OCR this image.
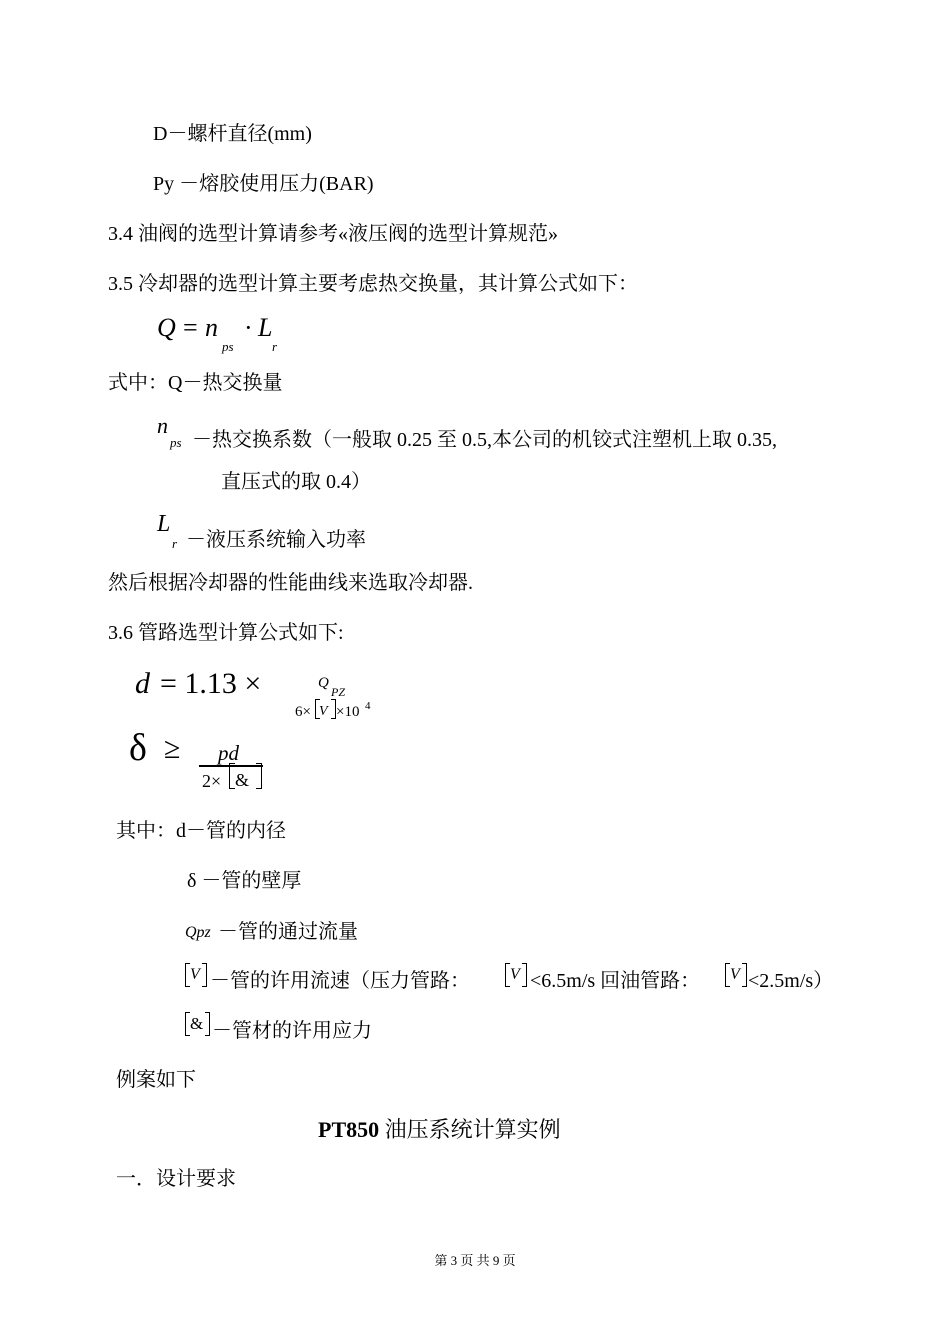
D－螺杆直径(mm)
Py －熔胶使用压力(BAR)
3.4 油阀的选型计算请参考«液压阀的选型计算规范»
3.5 冷却器的选型计算主要考虑热交换量，其计算公式如下：
Q = n
ps
· L
r
式中：Q－热交换量
n
ps －热交换系数（一般取 0.25 至 0.5,本公司的机铰式注塑机上取 0.35,
直压式的取 0.4）
L
r －液压系统输入功率
然后根据冷却器的性能曲线来选取冷却器.
3.6 管路选型计算公式如下:
d = 1.13 ×	Q
PZ
6× V ×10 4
δ ≥ pd
2× &
其中：d－管的内径
δ －管的壁厚
Qpz －管的通过流量
V －管的许用流速（压力管路：	V <6.5m/s 回油管路： V <2.5m/s）
& －管材的许用应力
例案如下
PT850 油压系统计算实例
一．设计要求
第 3 页 共 9 页
